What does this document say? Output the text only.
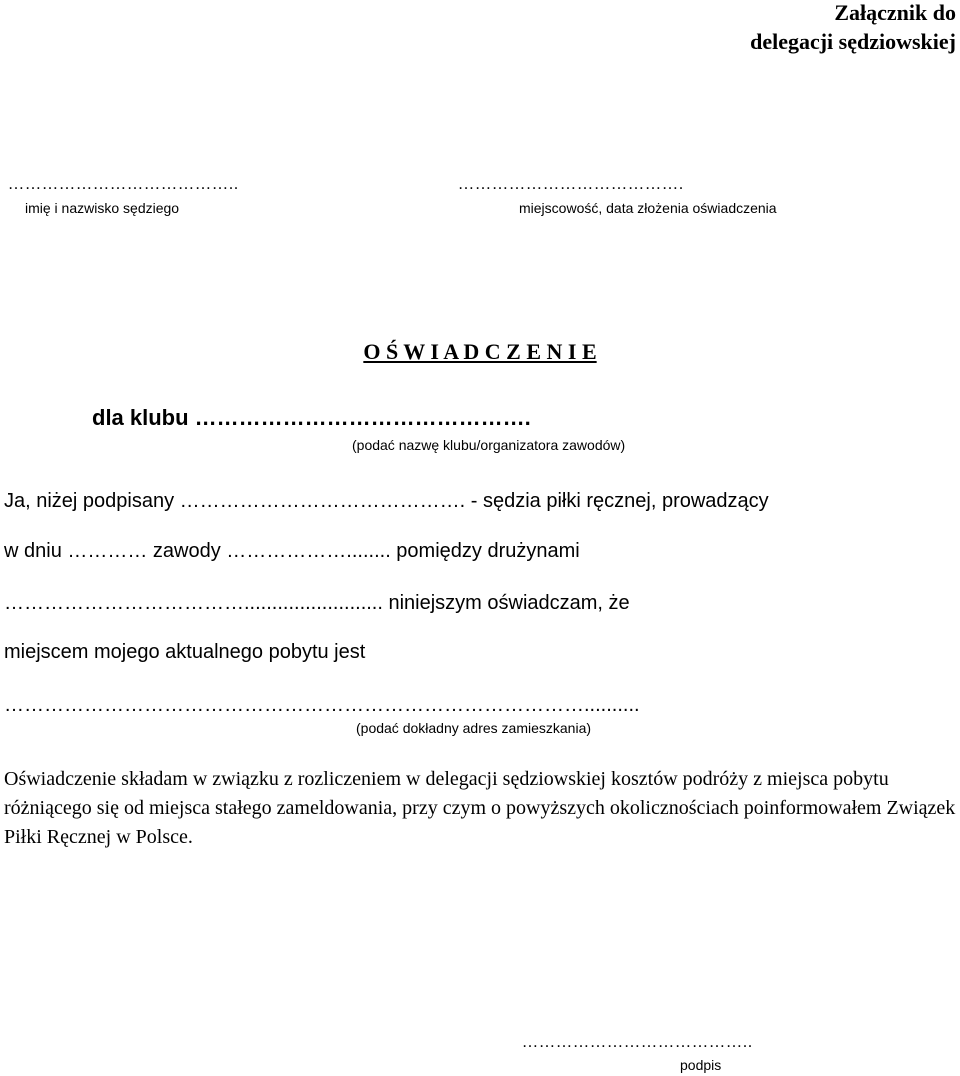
Załącznik do
delegacji sędziowskiej
…………………………………..
imię i nazwisko sędziego
………………………………….
miejscowość, data złożenia oświadczenia
O Ś W I A D C Z E N I E
dla klubu ……………………………………….
(podać nazwę klubu/organizatora zawodów)
Ja, niżej podpisany ……………………………………. - sędzia piłki ręcznej, prowadzący
w dniu ………… zawody ………………........ pomiędzy drużynami
………………………………......................... niniejszym oświadczam, że
miejscem mojego aktualnego pobytu jest
……………………………………………………………………………..........
(podać dokładny adres zamieszkania)
Oświadczenie składam w związku z rozliczeniem w delegacji sędziowskiej kosztów podróży z miejsca pobytu różniącego się od miejsca stałego zameldowania, przy czym o powyższych okolicznościach poinformowałem Związek Piłki Ręcznej w Polsce.
…………………………………..
podpis
